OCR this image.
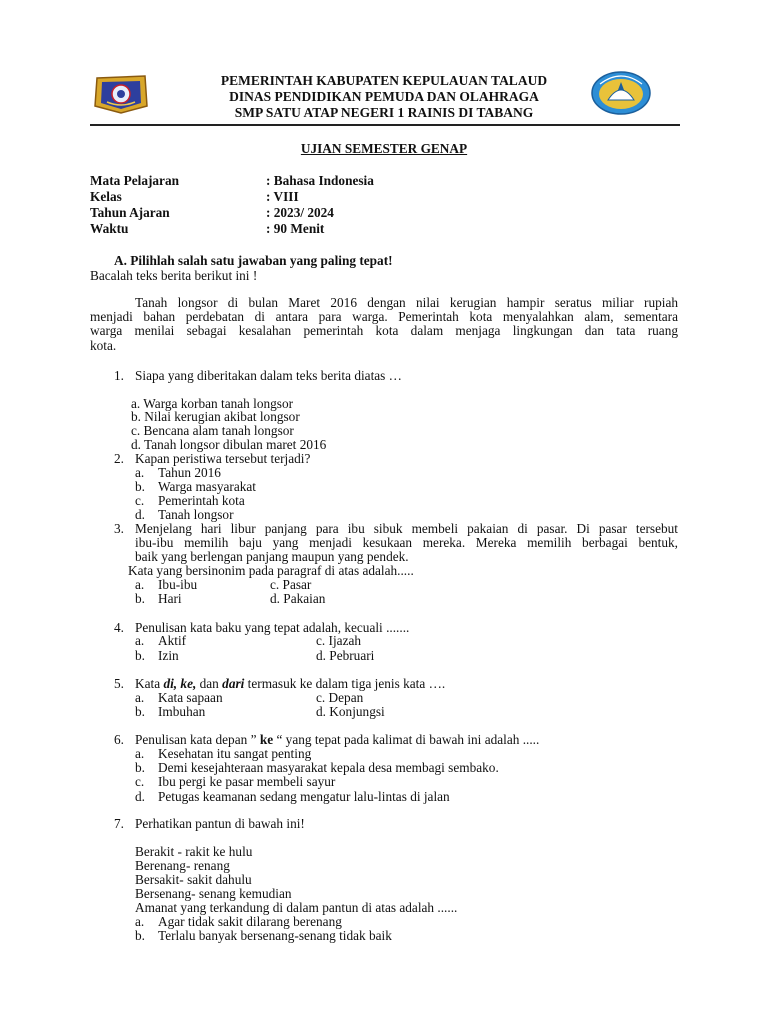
PEMERINTAH KABUPATEN KEPULAUAN TALAUD
DINAS PENDIDIKAN PEMUDA DAN OLAHRAGA
SMP SATU ATAP NEGERI 1 RAINIS DI TABANG
UJIAN SEMESTER GENAP
Mata Pelajaran	: Bahasa Indonesia
Kelas	: VIII
Tahun Ajaran	: 2023/ 2024
Waktu	: 90 Menit
A. Pilihlah salah satu jawaban yang paling tepat!
Bacalah teks berita berikut ini !
Tanah longsor di bulan Maret 2016 dengan nilai kerugian hampir seratus miliar rupiah
menjadi bahan perdebatan di antara para warga. Pemerintah kota menyalahkan alam, sementara
warga menilai sebagai kesalahan pemerintah kota dalam menjaga lingkungan dan tata ruang
kota.
1. Siapa yang diberitakan dalam teks berita diatas …
a. Warga korban tanah longsor
b. Nilai kerugian akibat longsor
c. Bencana alam tanah longsor
d. Tanah longsor dibulan maret 2016
2. Kapan peristiwa tersebut terjadi?
a. Tahun 2016
b. Warga masyarakat
c. Pemerintah kota
d. Tanah longsor
3. Menjelang hari libur panjang para ibu sibuk membeli pakaian di pasar. Di pasar tersebut
ibu-ibu memilih baju yang menjadi kesukaan mereka. Mereka memilih berbagai bentuk,
baik yang berlengan panjang maupun yang pendek.
Kata yang bersinonim pada paragraf di atas adalah.....
a. Ibu-ibu	c. Pasar
b. Hari	d. Pakaian
4. Penulisan kata baku yang tepat adalah, kecuali .......
a. Aktif	c. Ijazah
b. Izin	d. Pebruari
5. Kata di, ke, dan dari termasuk ke dalam tiga jenis kata ….
a. Kata sapaan	c. Depan
b. Imbuhan	d. Konjungsi
6. Penulisan kata depan ” ke “ yang tepat pada kalimat di bawah ini adalah .....
a. Kesehatan itu sangat penting
b. Demi kesejahteraan masyarakat kepala desa membagi sembako.
c. Ibu pergi ke pasar membeli sayur
d. Petugas keamanan sedang mengatur lalu-lintas di jalan
7. Perhatikan pantun di bawah ini!
Berakit - rakit ke hulu
Berenang- renang
Bersakit- sakit dahulu
Bersenang- senang kemudian
Amanat yang terkandung di dalam pantun di atas adalah ......
a. Agar tidak sakit dilarang berenang
b. Terlalu banyak bersenang-senang tidak baik
